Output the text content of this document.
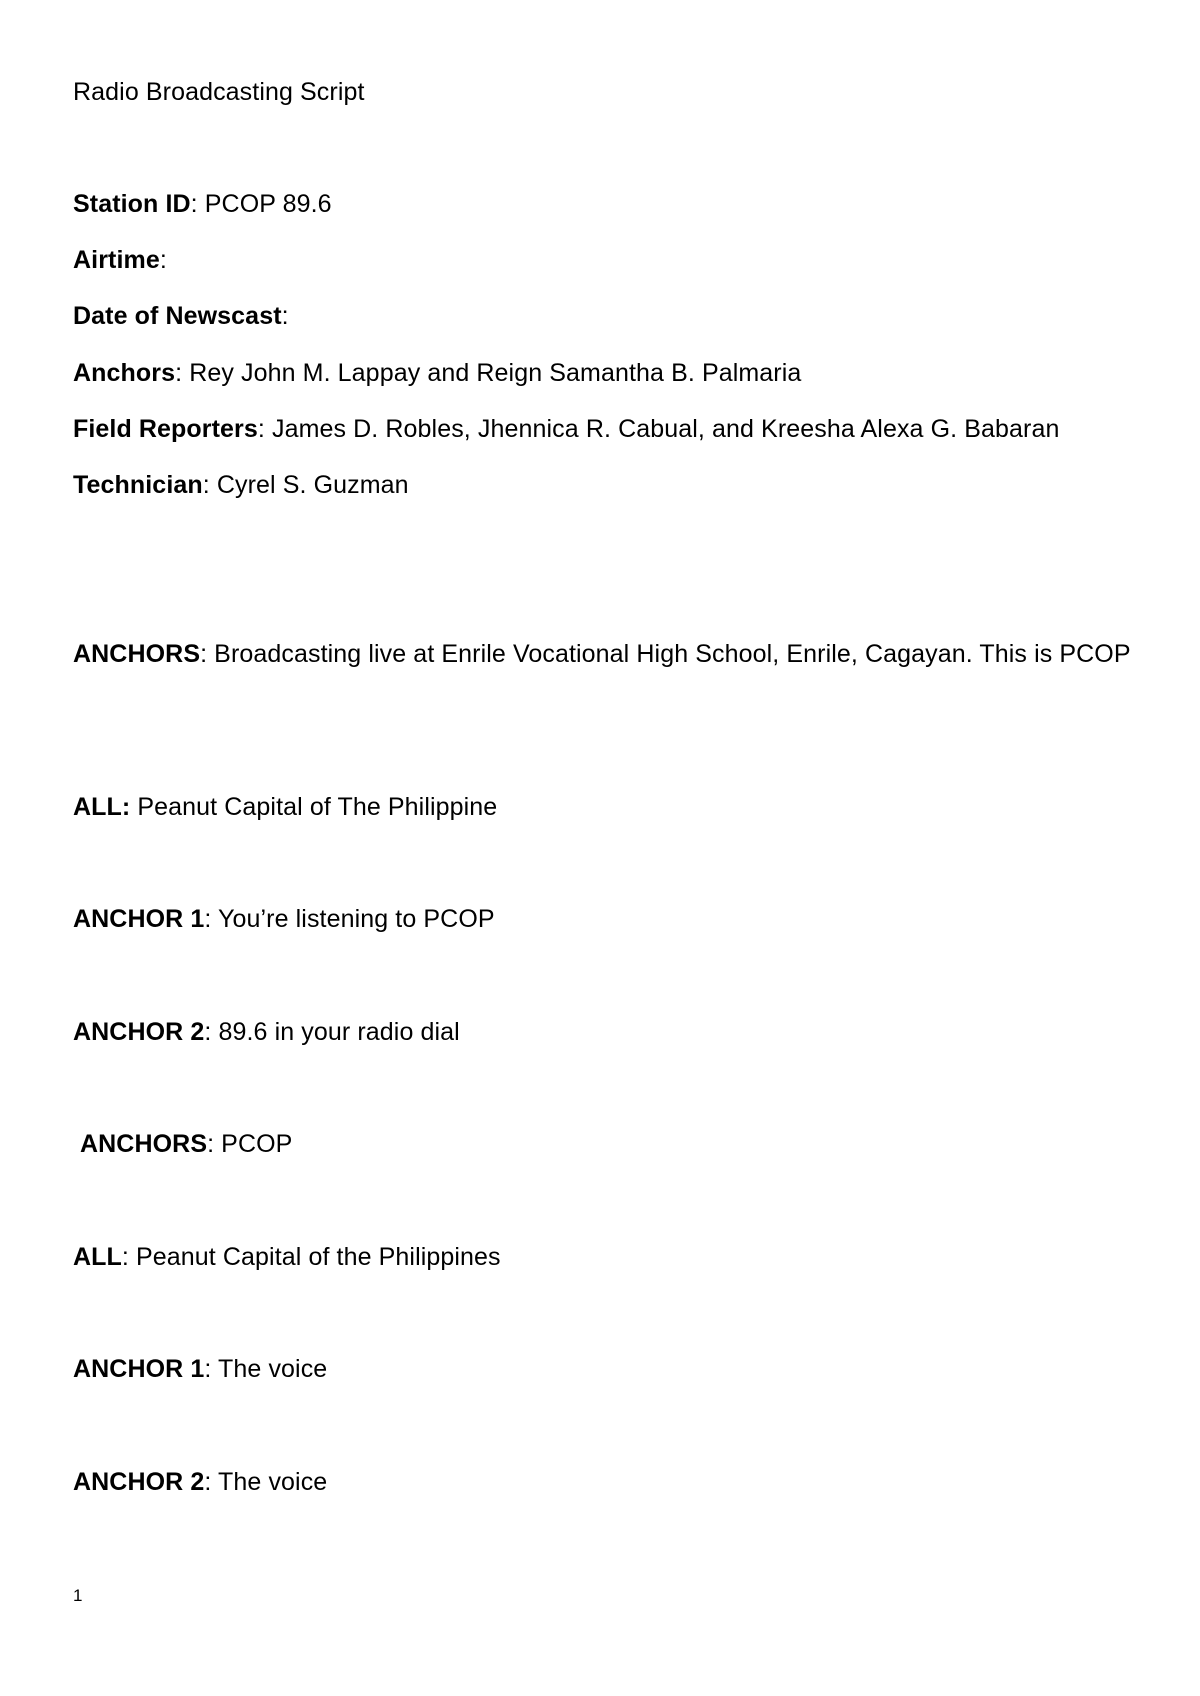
Radio Broadcasting Script
Station ID: PCOP 89.6
Airtime:
Date of Newscast:
Anchors: Rey John M. Lappay and Reign Samantha B. Palmaria
Field Reporters: James D. Robles, Jhennica R. Cabual, and Kreesha Alexa G. Babaran
Technician: Cyrel S. Guzman
ANCHORS: Broadcasting live at Enrile Vocational High School, Enrile, Cagayan. This is PCOP
ALL: Peanut Capital of The Philippine
ANCHOR 1: You’re listening to PCOP
ANCHOR 2: 89.6 in your radio dial
ANCHORS: PCOP
ALL: Peanut Capital of the Philippines
ANCHOR 1: The voice
ANCHOR 2: The voice
1
